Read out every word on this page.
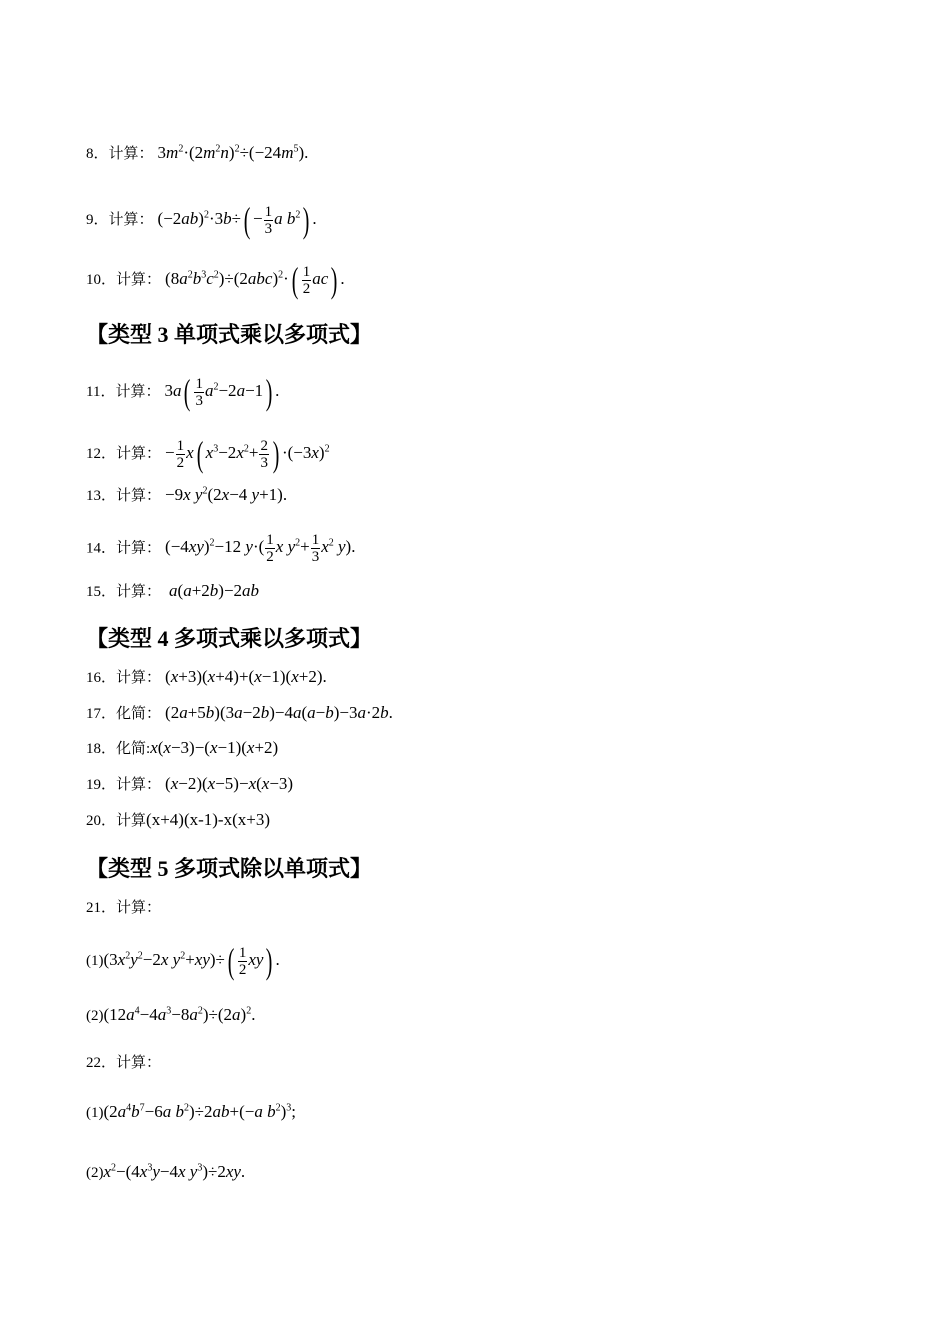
8．计算： $3m^2\cdot(2m^2n)^2\div(-24m^5)$.
9．计算： $(-2ab)^2\cdot 3b\div( - \frac{1}{3}$ a $b^2$) .
10．计算： $(8a^2b^3c^2)\div(2abc)^2\cdot( \frac{1}{2} ac)$ .
【类型 3 单项式乘以多项式】
11．计算： $3a( \frac{1}{3} a^2-2a-1)$ .
12．计算： − $\frac{1}{2} x$( $x^3-2x^2+ \frac{2}{3}$ ) $\cdot(-3x)^2$
13．计算： −9x $y^2(2x-4$ y+1).
14．计算： $(-4xy)^2-12$ $y\cdot( \frac{1}{2}$ x $y^2+ \frac{1}{3} x^2$ y).
15．计算： a(a+2b)−2ab
【类型 4 多项式乘以多项式】
16．计算： (x+3)(x+4)+(x−1)(x+2).
17．化简： (2a+5b)(3a−2b)−4a(a−b)−3a·2b.
18．化简:x(x−3)−(x−1)(x+2)
19．计算： (x−2)(x−5)−x(x−3)
20．计算(x+4)(x-1)-x(x+3)
【类型 5 多项式除以单项式】
21．计算：
$(1)(3x^2y^2-2x$ $y^2+xy)\div( \frac{1}{2} xy)$ .
$(2)(12a^4-4a^3-8a^2)\div(2a)^2$.
22．计算：
$(1)(2a^4b^7-6a$ $b^2)\div 2ab+(-a$ $b^2)^3$;
$(2)x^2-(4x^3y-4x$ $y^3)\div 2xy$.
